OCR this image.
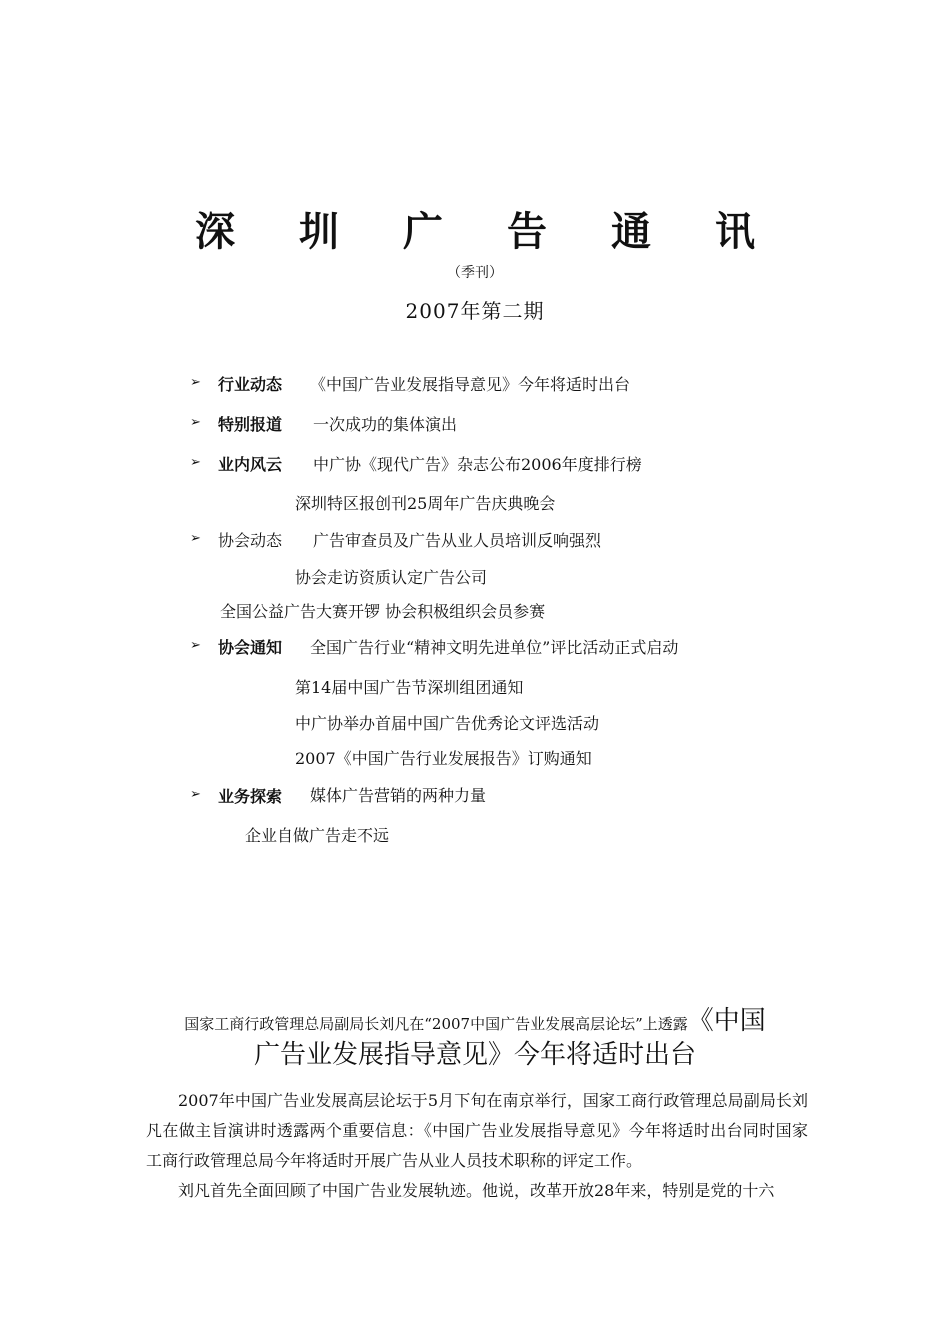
深圳广告通讯
（季刊）
2007年第二期
➢ 行业动态 《中国广告业发展指导意见》今年将适时出台
➢ 特别报道 一次成功的集体演出
➢ 业内风云 中广协《现代广告》杂志公布2006年度排行榜
深圳特区报创刊25周年广告庆典晚会
➢ 协会动态 广告审查员及广告从业人员培训反响强烈
协会走访资质认定广告公司
全国公益广告大赛开锣 协会积极组织会员参赛
➢ 协会通知 全国广告行业“精神文明先进单位”评比活动正式启动
第14届中国广告节深圳组团通知
中广协举办首届中国广告优秀论文评选活动
2007《中国广告行业发展报告》订购通知
➢ 业务探索 媒体广告营销的两种力量
企业自做广告走不远
国家工商行政管理总局副局长刘凡在“2007中国广告业发展高层论坛”上透露《中国
广告业发展指导意见》今年将适时出台

2007年中国广告业发展高层论坛于5月下旬在南京举行，国家工商行政管理总局副局长刘凡在做主旨演讲时透露两个重要信息：《中国广告业发展指导意见》今年将适时出台同时国家工商行政管理总局今年将适时开展广告从业人员技术职称的评定工作。

刘凡首先全面回顾了中国广告业发展轨迹。他说，改革开放28年来，特别是党的十六
